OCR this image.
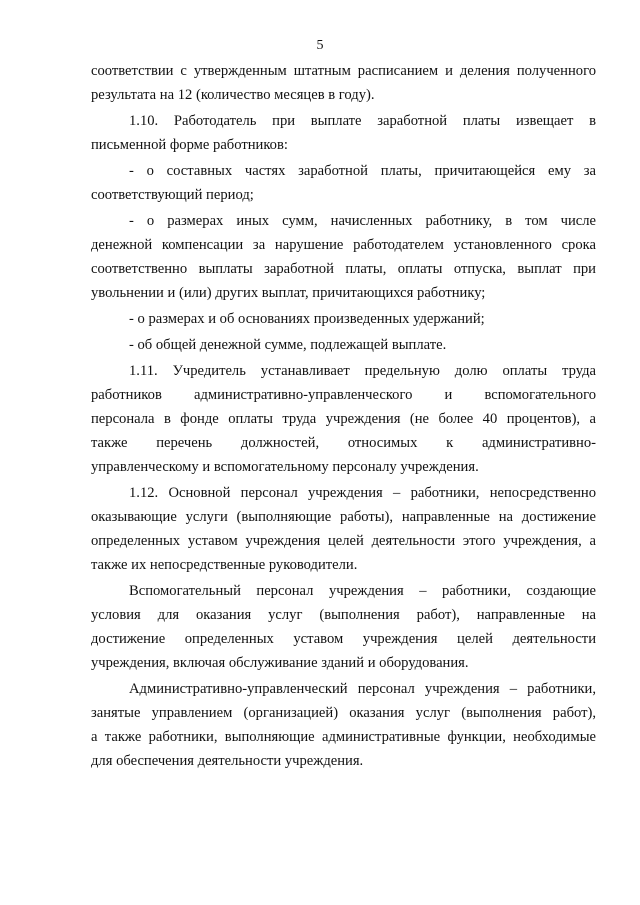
5
соответствии с утвержденным штатным расписанием и деления полученного
результата на 12 (количество месяцев в году).
1.10. Работодатель при выплате заработной платы извещает в
письменной форме работников:
- о составных частях заработной платы, причитающейся ему за
соответствующий период;
- о размерах иных сумм, начисленных работнику, в том числе
денежной компенсации за нарушение работодателем установленного срока
соответственно выплаты заработной платы, оплаты отпуска, выплат при
увольнении и (или) других выплат, причитающихся работнику;
- о размерах и об основаниях произведенных удержаний;
- об общей денежной сумме, подлежащей выплате.
1.11. Учредитель устанавливает предельную долю оплаты труда
работников административно-управленческого и вспомогательного
персонала в фонде оплаты труда учреждения (не более 40 процентов), а
также перечень должностей, относимых к административно-
управленческому и вспомогательному персоналу учреждения.
1.12. Основной персонал учреждения – работники, непосредственно
оказывающие услуги (выполняющие работы), направленные на достижение
определенных уставом учреждения целей деятельности этого учреждения, а
также их непосредственные руководители.
Вспомогательный персонал учреждения – работники, создающие
условия для оказания услуг (выполнения работ), направленные на
достижение определенных уставом учреждения целей деятельности
учреждения, включая обслуживание зданий и оборудования.
Административно-управленческий персонал учреждения – работники,
занятые управлением (организацией) оказания услуг (выполнения работ),
а также работники, выполняющие административные функции, необходимые
для обеспечения деятельности учреждения.
